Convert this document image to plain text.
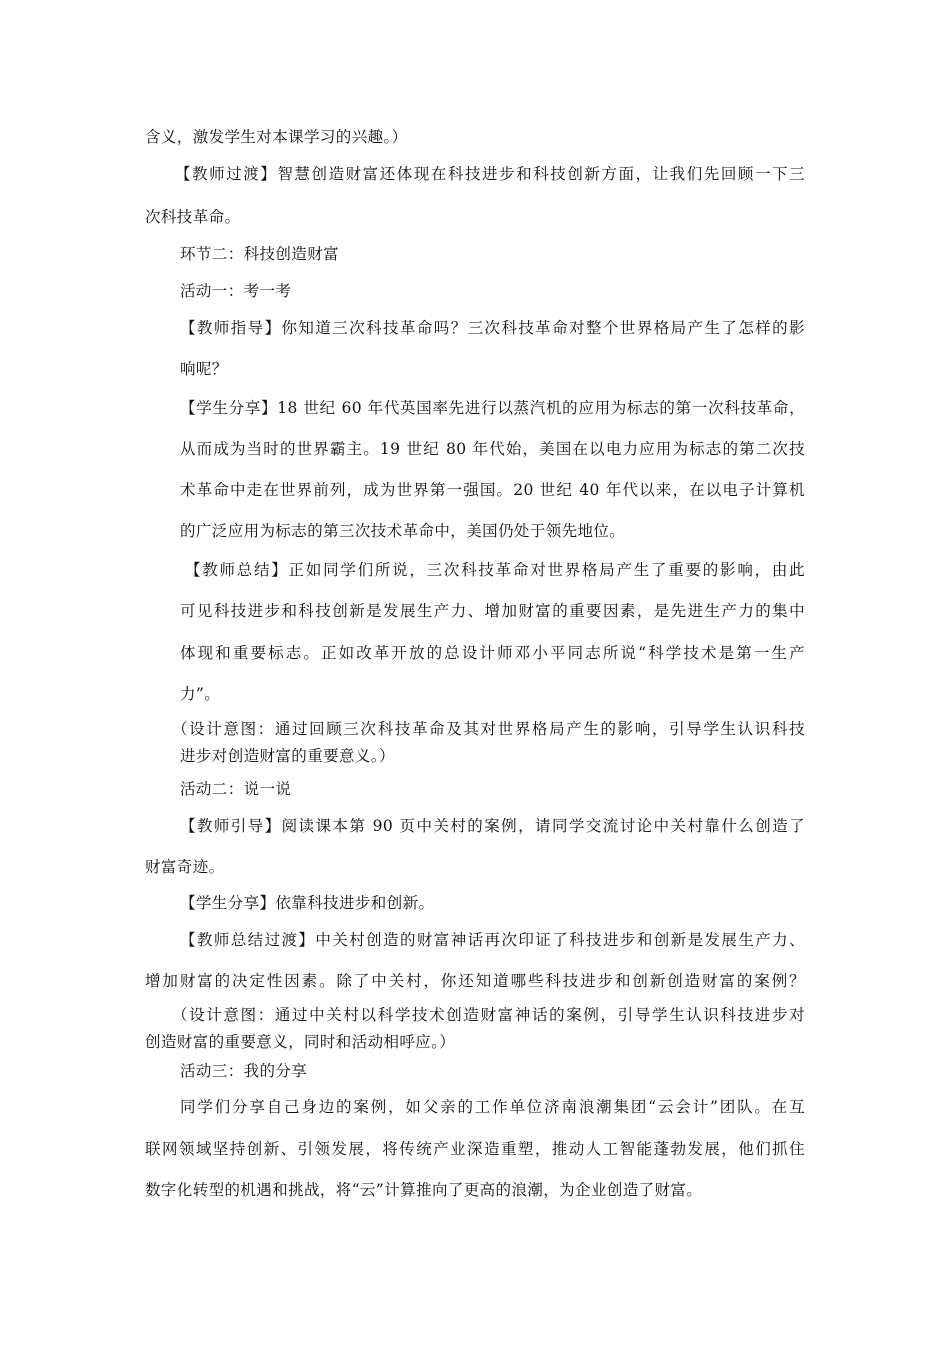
含义，激发学生对本课学习的兴趣。）

【教师过渡】智慧创造财富还体现在科技进步和科技创新方面，让我们先回顾一下三

次科技革命。

环节二：科技创造财富

活动一：考一考

【教师指导】你知道三次科技革命吗？三次科技革命对整个世界格局产生了怎样的影

响呢？

【学生分享】18 世纪 60 年代英国率先进行以蒸汽机的应用为标志的第一次科技革命，

从而成为当时的世界霸主。19 世纪 80 年代始，美国在以电力应用为标志的第二次技

术革命中走在世界前列，成为世界第一强国。20 世纪 40 年代以来，在以电子计算机

的广泛应用为标志的第三次技术革命中，美国仍处于领先地位。

【教师总结】正如同学们所说，三次科技革命对世界格局产生了重要的影响，由此

可见科技进步和科技创新是发展生产力、增加财富的重要因素，是先进生产力的集中

体现和重要标志。正如改革开放的总设计师邓小平同志所说“科学技术是第一生产

力”。

（设计意图：通过回顾三次科技革命及其对世界格局产生的影响，引导学生认识科技

进步对创造财富的重要意义。）

活动二：说一说

【教师引导】阅读课本第 90 页中关村的案例，请同学交流讨论中关村靠什么创造了

财富奇迹。

【学生分享】依靠科技进步和创新。

【教师总结过渡】中关村创造的财富神话再次印证了科技进步和创新是发展生产力、

增加财富的决定性因素。除了中关村，你还知道哪些科技进步和创新创造财富的案例？

（设计意图：通过中关村以科学技术创造财富神话的案例，引导学生认识科技进步对

创造财富的重要意义，同时和活动相呼应。）

活动三：我的分享

同学们分享自己身边的案例，如父亲的工作单位济南浪潮集团“云会计”团队。在互

联网领域坚持创新、引领发展，将传统产业深造重塑，推动人工智能蓬勃发展，他们抓住

数字化转型的机遇和挑战，将“云”计算推向了更高的浪潮，为企业创造了财富。
